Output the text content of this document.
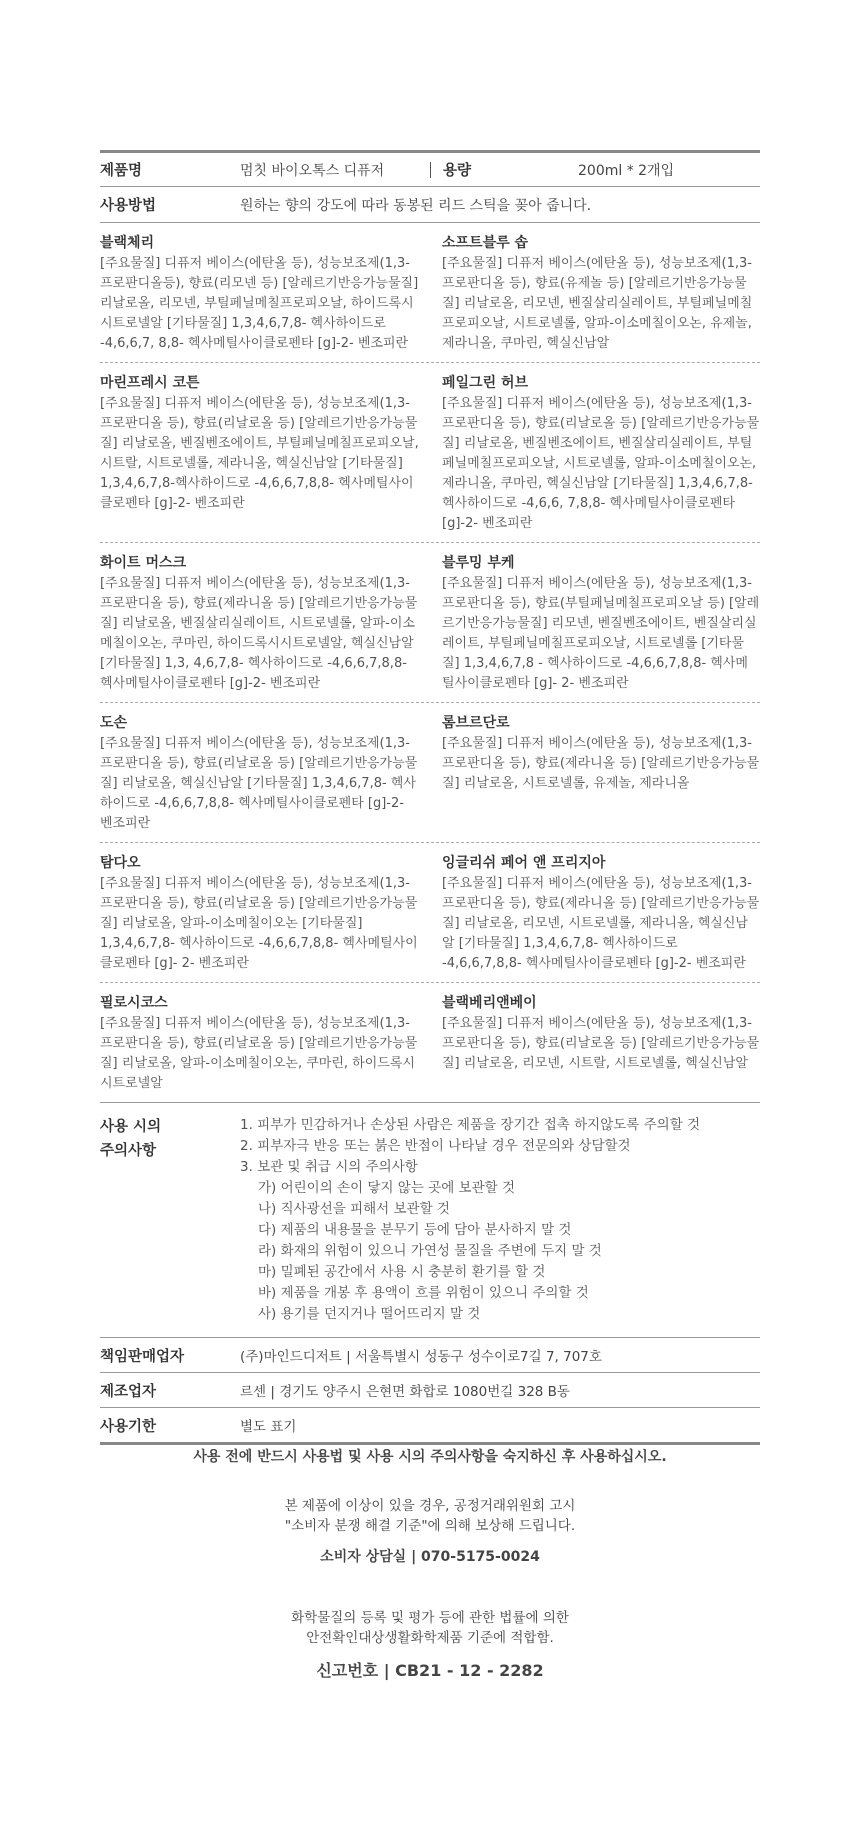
제품명	멈칫 바이오톡스 디퓨저	용량	200ml * 2개입
사용방법	원하는 향의 강도에 따라 동봉된 리드 스틱을 꽂아 줍니다.
블랙체리
[주요물질] 디퓨저 베이스(에탄올 등), 성능보조제(1,3-프로판디올등), 향료(리모넨 등) [알레르기반응가능물질] 리날로올, 리모넨, 부틸페닐메칠프로피오날, 하이드록시시트로넬알 [기타물질] 1,3,4,6,7,8- 헥사하이드로 -4,6,6,7, 8,8- 헥사메틸사이클로펜타 [g]-2- 벤조피란
소프트블루 솝
[주요물질] 디퓨저 베이스(에탄올 등), 성능보조제(1,3-프로판디올 등), 향료(유제놀 등) [알레르기반응가능물질] 리날로올, 리모넨, 벤질살리실레이트, 부틸페닐메칠프로피오날, 시트로넬롤, 알파-이소메칠이오논, 유제놀, 제라니올, 쿠마린, 헥실신남알
마린프레시 코튼
[주요물질] 디퓨저 베이스(에탄올 등), 성능보조제(1,3-프로판디올 등), 향료(리날로올 등) [알레르기반응가능물질] 리날로올, 벤질벤조에이트, 부틸페닐메칠프로피오날, 시트랄, 시트로넬롤, 제라니올, 헥실신남알 [기타물질] 1,3,4,6,7,8-헥사하이드로 -4,6,6,7,8,8- 헥사메틸사이클로펜타 [g]-2- 벤조피란
페일그린 허브
[주요물질] 디퓨저 베이스(에탄올 등), 성능보조제(1,3-프로판디올 등), 향료(리날로올 등) [알레르기반응가능물질] 리날로올, 벤질벤조에이트, 벤질살리실레이트, 부틸페닐메칠프로피오날, 시트로넬롤, 알파-이소메칠이오논, 제라니올, 쿠마린, 헥실신남알 [기타물질] 1,3,4,6,7,8- 헥사하이드로 -4,6,6, 7,8,8- 헥사메틸사이클로펜타 [g]-2- 벤조피란
화이트 머스크
[주요물질] 디퓨저 베이스(에탄올 등), 성능보조제(1,3-프로판디올 등), 향료(제라니올 등) [알레르기반응가능물질] 리날로올, 벤질살리실레이트, 시트로넬롤, 알파-이소메칠이오논, 쿠마린, 하이드록시시트로넬알, 헥실신남알 [기타물질] 1,3, 4,6,7,8- 헥사하이드로 -4,6,6,7,8,8- 헥사메틸사이클로펜타 [g]-2- 벤조피란
블루밍 부케
[주요물질] 디퓨저 베이스(에탄올 등), 성능보조제(1,3-프로판디올 등), 향료(부틸페닐메칠프로피오날 등) [알레르기반응가능물질] 리모넨, 벤질벤조에이트, 벤질살리실레이트, 부틸페닐메칠프로피오날, 시트로넬롤 [기타물질] 1,3,4,6,7,8 - 헥사하이드로 -4,6,6,7,8,8- 헥사메틸사이클로펜타 [g]- 2- 벤조피란
도손
[주요물질] 디퓨저 베이스(에탄올 등), 성능보조제(1,3-프로판디올 등), 향료(리날로올 등) [알레르기반응가능물질] 리날로올, 헥실신남알 [기타물질] 1,3,4,6,7,8- 헥사하이드로 -4,6,6,7,8,8- 헥사메틸사이클로펜타 [g]-2- 벤조피란
롬브르단로
[주요물질] 디퓨저 베이스(에탄올 등), 성능보조제(1,3-프로판디올 등), 향료(제라니올 등) [알레르기반응가능물질] 리날로올, 시트로넬롤, 유제놀, 제라니올
탐다오
[주요물질] 디퓨저 베이스(에탄올 등), 성능보조제(1,3-프로판디올 등), 향료(리날로올 등) [알레르기반응가능물질] 리날로올, 알파-이소메칠이오논 [기타물질] 1,3,4,6,7,8- 헥사하이드로 -4,6,6,7,8,8- 헥사메틸사이클로펜타 [g]- 2- 벤조피란
잉글리쉬 페어 앤 프리지아
[주요물질] 디퓨저 베이스(에탄올 등), 성능보조제(1,3-프로판디올 등), 향료(제라니올 등) [알레르기반응가능물질] 리날로올, 리모넨, 시트로넬롤, 제라니올, 헥실신남알 [기타물질] 1,3,4,6,7,8- 헥사하이드로 -4,6,6,7,8,8- 헥사메틸사이클로펜타 [g]-2- 벤조피란
필로시코스
[주요물질] 디퓨저 베이스(에탄올 등), 성능보조제(1,3-프로판디올 등), 향료(리날로올 등) [알레르기반응가능물질] 리날로올, 알파-이소메칠이오논, 쿠마린, 하이드록시시트로넬알
블랙베리앤베이
[주요물질] 디퓨저 베이스(에탄올 등), 성능보조제(1,3-프로판디올 등), 향료(리날로올 등) [알레르기반응가능물질] 리날로올, 리모넨, 시트랄, 시트로넬롤, 헥실신남알
사용 시의
주의사항
1. 피부가 민감하거나 손상된 사람은 제품을 장기간 접촉 하지않도록 주의할 것
2. 피부자극 반응 또는 붉은 반점이 나타날 경우 전문의와 상담할것
3. 보관 및 취급 시의 주의사항
가) 어린이의 손이 닿지 않는 곳에 보관할 것
나) 직사광선을 피해서 보관할 것
다) 제품의 내용물을 분무기 등에 담아 분사하지 말 것
라) 화재의 위험이 있으니 가연성 물질을 주변에 두지 말 것
마) 밀폐된 공간에서 사용 시 충분히 환기를 할 것
바) 제품을 개봉 후 용액이 흐를 위험이 있으니 주의할 것
사) 용기를 던지거나 떨어뜨리지 말 것
책임판매업자	(주)마인드디저트 | 서울특별시 성동구 성수이로7길 7, 707호
제조업자	르센 | 경기도 양주시 은현면 화합로 1080번길 328 B동
사용기한	별도 표기

사용 전에 반드시 사용법 및 사용 시의 주의사항을 숙지하신 후 사용하십시오.

본 제품에 이상이 있을 경우, 공정거래위원회 고시
"소비자 분쟁 해결 기준"에 의해 보상해 드립니다.

소비자 상담실 | 070-5175-0024

화학물질의 등록 및 평가 등에 관한 법률에 의한
안전확인대상생활화학제품 기준에 적합함.

신고번호 | CB21 - 12 - 2282
